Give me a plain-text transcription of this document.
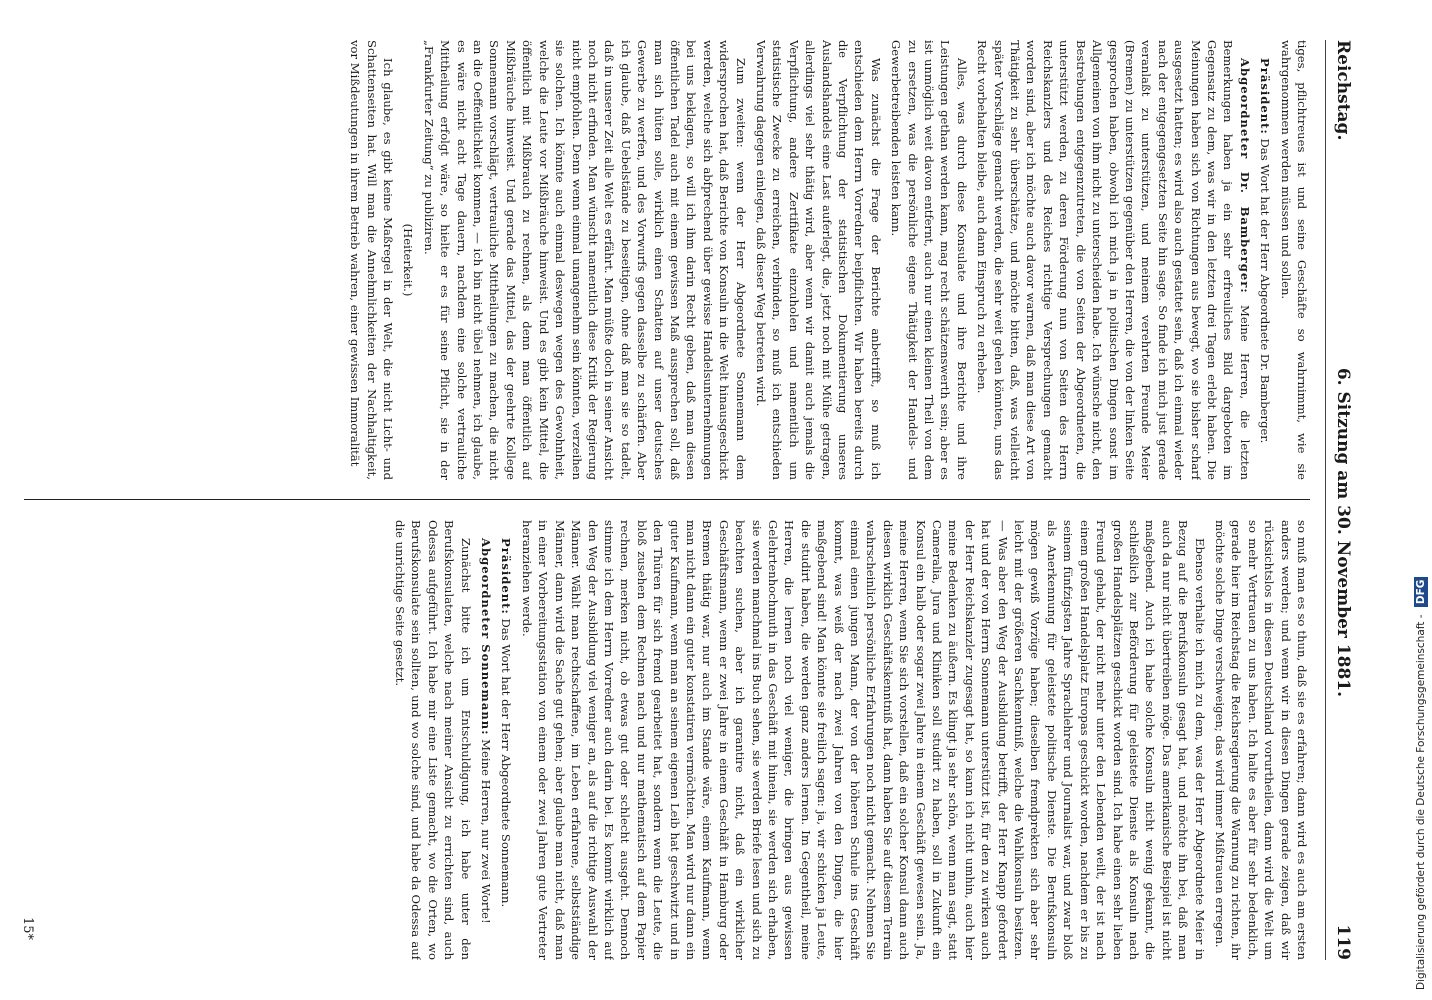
Reichstag.
6. Sitzung am 30. November 1881.
119

tiges, pflichtreues ist und seine Geschäfte so wahrnimmt, wie sie wahrgenommen werden müssen und sollen.

Präsident: Das Wort hat der Herr Abgeordnete Dr. Bamberger.

Abgeordneter Dr. Bamberger: Meine Herren, die letzten Bemerkungen haben ja ein sehr erfreuliches Bild dargeboten im Gegensatz zu dem, was wir in den letzten drei Tagen erlebt haben. Die Meinungen haben sich von Richtungen aus bewegt, wo sie bisher scharf ausgesetzt hatten; es wird also auch gestattet sein, daß ich einmal wieder nach der entgegengesetzten Seite hin sage. So finde ich mich just gerade veranlaßt zu unterstützen, und meinem verehrten Freunde Meier (Bremen) zu unterstützen gegenüber den Herren, die von der linken Seite gesprochen haben, obwohl ich mich ja in politischen Dingen sonst im Allgemeinen von ihm nicht zu unterscheiden habe. Ich wünsche nicht, den Bestrebungen entgegenzutreten, die von Seiten der Abgeordneten, die unterstützt werden, zu deren Förderung nun von Seiten des Herrn Reichskanzlers und des Reiches richtige Versprechungen gemacht worden sind, aber ich möchte auch davor warnen, daß man diese Art von Thätigkeit zu sehr überschätze, und möchte bitten, daß, was vielleicht später Vorschläge gemacht werden, die sehr weit gehen könnten, uns das Recht vorbehalten bleibe, auch dann Einspruch zu erheben.

Alles, was durch diese Konsulate und ihre Berichte und ihre Leistungen gethan werden kann, mag recht schätzenswerth sein; aber es ist unmöglich weit davon entfernt, auch nur einen kleinen Theil von dem zu ersetzen, was die persönliche eigene Thätigkeit der Handels- und Gewerbetreibenden leisten kann.

Was zunächst die Frage der Berichte anbetrifft, so muß ich entschieden dem Herrn Vorredner beipflichten. Wir haben bereits durch die Verpflichtung der statistischen Dokumentierung unseres Auslandshandels eine Last auferlegt, die, jetzt noch mit Mühe getragen, allerdings viel sehr thätig wird, aber wenn wir damit auch jemals die Verpflichtung, andere Zertifikate einzuholen und namentlich um statistische Zwecke zu erreichen, verbinden, so muß ich entschieden Verwahrung dagegen einlegen, daß dieser Weg betreten wird.

Zum zweiten: wenn der Herr Abgeordnete Sonnemann dem widersprochen hat, daß Berichte von Konsuln in die Welt hinausgeschickt werden, welche sich abfprechend über gewisse Handelsunternehmungen bei uns beklagen, so will ich ihm darin Recht geben, daß man diesen öffentlichen Tadel auch mit einem gewissen Maß aussprechen soll, daß man sich hüten solle, wirklich einen Schatten auf unser deutsches Gewerbe zu werfen, und des Vorwurfs gegen dasselbe zu schärfen. Aber ich glaube, daß Uebelstände zu beseitigen, ohne daß man sie so tadelt, daß in unserer Zeit alle Welt es erfährt. Man müßte doch in seiner Ansicht noch nicht erfinden. Man wünscht namentlich diese Kritik der Regierung nicht empfohlen. Denn wenn einmal unangenehm sein könnten, verzeihen sie solchen. Ich könnte auch einmal deswegen wegen des Gewohnheit, welche die Leute vor Mißbräuche hinweist. Und es gibt kein Mittel, die öffentlich mit Mißbrauch zu rechnen, als denn man öffentlich auf Mißbräuche hinweist. Und gerade das Mittel, das der geehrte Kollege Sonnemann vorschlägt, vertrauliche Mittheilungen zu machen, die nicht an die Oeffentlichkeit kommen, — ich bin nicht übel nehmen, ich glaube, es wäre nicht acht Tage dauern, nachdem eine solche vertrauliche Mittheilung erfolgt wäre, so hielte er es für seine Pflicht, sie in der „Frankfurter Zeitung“ zu publiziren.

(Heiterkeit.)

Ich glaube, es gibt keine Maßregel in der Welt, die nicht Licht- und Schattenseiten hat. Will man die Annehmlichkeiten der Nachhaltigkeit, vor Mißdeutungen in ihrem Betrieb wahren, einer gewissen Immoralität

so muß man es so thun, daß sie es erfahren; dann wird es auch am ersten anders werden; und wenn wir in diesen Dingen gerade zeigen, daß wir rücksichtslos in diesen Deutschland vorurtheilen, dann wird die Welt um so mehr Vertrauen zu uns haben. Ich halte es aber für sehr bedenklich, gerade hier im Reichstag die Reichsregierung die Warnung zu richten, ihr möchte solche Dinge verschweigen; das wird immer Mißtrauen erregen.

Ebenso verhalte ich mich zu dem, was der Herr Abgeordnete Meier in Bezug auf die Berufskonsuln gesagt hat, und möchte ihn bei, daß man auch da nur nicht übertreiben möge. Das amerikanische Beispiel ist nicht maßgebend. Auch ich habe solche Konsuln nicht wenig gekannt, die schließlich zur Beförderung für geleistete Dienste als Konsuln nach großen Handelsplätzen geschickt worden sind. Ich habe einen sehr lieben Freund gehabt, der nicht mehr unter den Lebenden weilt, der ist nach einem großen Handelsplatz Europas geschickt worden, nachdem er bis zu seinem fünfzigsten Jahre Sprachlehrer und Journalist war, und zwar bloß als Anerkennung für geleistete politische Dienste. Die Berufskonsuln mögen gewiß Vorzüge haben; dieselben fremdprekten sich aber sehr leicht mit der größeren Sachkenntniß, welche die Wahlkonsuln besitzen. — Was aber den Weg der Ausbildung betrifft, der Herr Knapp gefordert hat und der von Herrn Sonnemann unterstützt ist, für den zu wirken auch der Herr Reichskanzler zugesagt hat, so kann ich nicht umhin, auch hier meine Bedenken zu äußern. Es klingt ja sehr schön, wenn man sagt, statt Cameralia, Jura und Kliniken soll studirt zu haben, soll in Zukunft ein Konsul ein halb oder sogar zwei Jahre in einem Geschäft gewesen sein. Ja, meine Herren, wenn Sie sich vorstellen, daß ein solcher Konsul dann auch diesen wirklich Geschäftskenntniß hat, dann haben Sie auf diesem Terrain wahrscheinlich persönliche Erfahrungen noch nicht gemacht. Nehmen Sie einmal einen jungen Mann, der von der höheren Schule ins Geschäft kommt, was weiß der nach zwei Jahren von den Dingen, die hier maßgebend sind! Man könnte sie freilich sagen: ja, wir schicken ja Leute, die studirt haben, die werden ganz anders lernen. Im Gegentheil, meine Herren, die lernen noch viel weniger, die bringen aus gewissen Gelehrtenhochmuth in das Geschäft mit hinein, sie werden sich erhaben, sie werden manchmal ins Buch sehen, sie werden Briefe lesen und sich zu beachten suchen, aber ich garantire nicht, daß ein wirklicher Geschäftsmann, wenn er zwei Jahre in einem Geschäft in Hamburg oder Bremen thätig war, nur auch im Stande wäre, einem Kaufmann, wenn man nicht dann ein guter konstatiren vermöchten. Man wird nur dann ein guter Kaufmann, wenn man an seinem eigenen Leib hat geschwitzt und in den Thüren für sich fremd gearbeitet hat, sondern wenn die Leute, die bloß zusehen dem Rechnen nach und nur mathematisch auf dem Papier rechnen, merken nicht, ob etwas gut oder schlecht ausgeht. Dennoch stimme ich dem Herrn Vorredner auch darin bei. Es kommt wirklich auf den Weg der Ausbildung viel weniger an, als auf die richtige Auswahl der Männer. Wählt man rechtschaffene, im Leben erfahrene, selbstständige Männer, dann wird die Sache gut gehen; aber glaube man nicht, daß man in einer Vorbereitungsstation von einem oder zwei Jahren gute Vertreter heranziehen werde.

Präsident: Das Wort hat der Herr Abgeordnete Sonnemann.

Abgeordneter Sonnemann: Meine Herren, nur zwei Worte!

Zunächst bitte ich um Entschuldigung, ich habe unter den Berufskonsulaten, welche nach meiner Ansicht zu errichten sind, auch Odessa aufgeführt. Ich habe mir eine Liste gemacht, wo die Orten, wo Berufskonsulate sein sollten, und wo solche sind, und habe da Odessa auf die unrichtige Seite gesetzt.

15*	Digitalisierung gefördert durch die Deutsche Forschungsgemeinschaft - DFG
